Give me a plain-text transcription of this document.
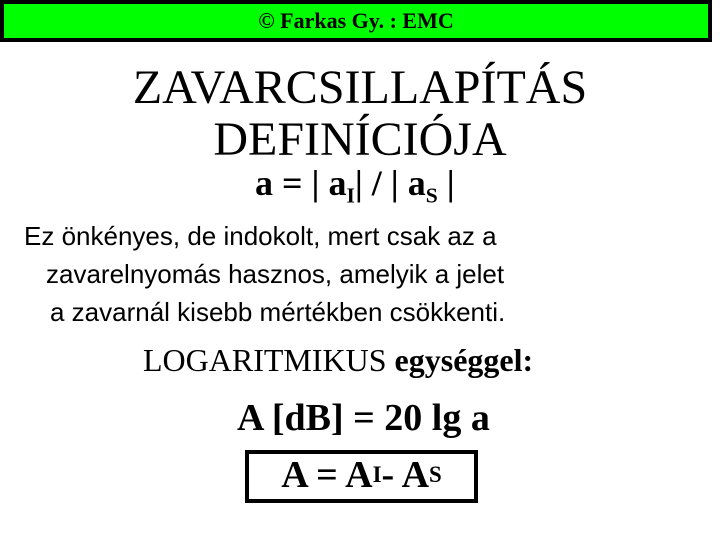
© Farkas Gy. : EMC
ZAVARCSILLAPÍTÁS
DEFINÍCIÓJA
a = | $a_I|$ / | $a_S$ |
Ez önkényes, de indokolt, mert csak az a
zavarelnyomás hasznos, amelyik a jelet
a zavarnál kisebb mértékben csökkenti.
LOGARITMIKUS egységgel:
A [dB] = 20 lg a
A = A I - A S
